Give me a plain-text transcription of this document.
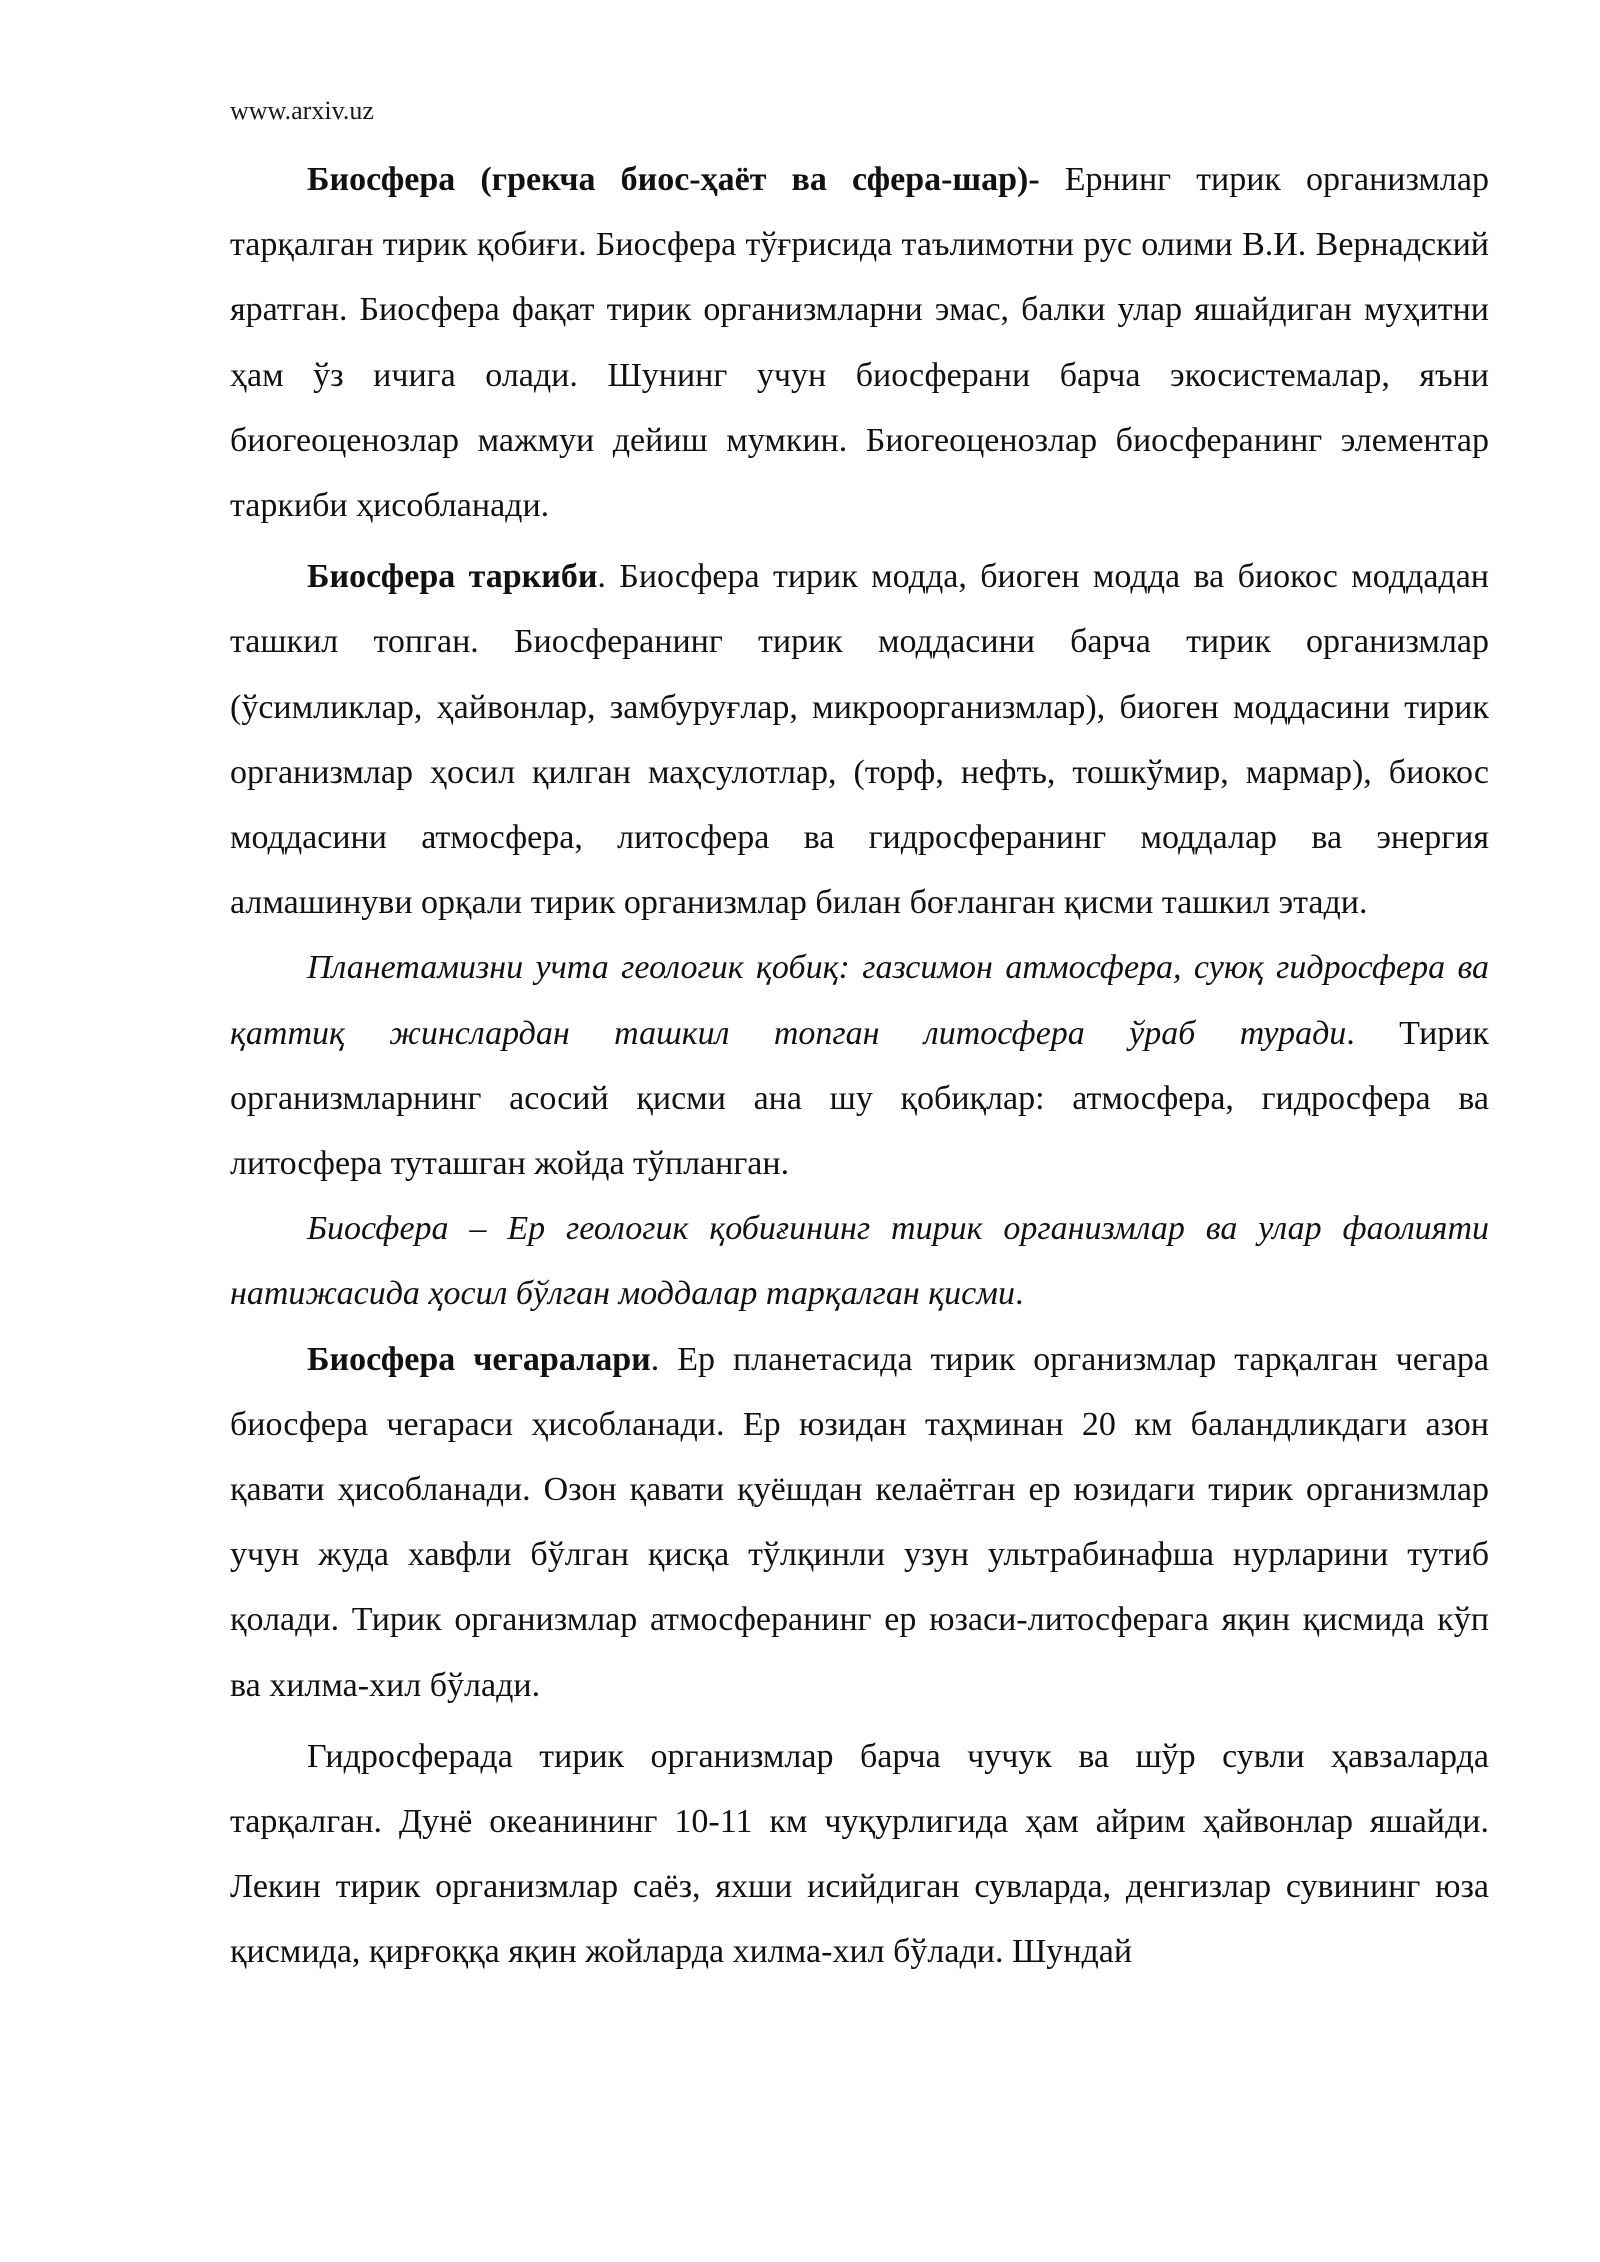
www.arxiv.uz

Биосфера (грекча биос-ҳаёт ва сфера-шар)- Ернинг тирик организмлар тарқалган тирик қобиғи. Биосфера тўғрисида таълимотни рус олими В.И. Вернадский яратган. Биосфера фақат тирик организмларни эмас, балки улар яшайдиган муҳитни ҳам ўз ичига олади. Шунинг учун биосферани барча экосистемалар, яъни биогеоценозлар мажмуи дейиш мумкин. Биогеоценозлар биосферанинг элементар таркиби ҳисобланади.

Биосфера таркиби. Биосфера тирик модда, биоген модда ва биокос моддадан ташкил топган. Биосферанинг тирик моддасини барча тирик организмлар (ўсимликлар, ҳайвонлар, замбуруғлар, микроорганизмлар), биоген моддасини тирик организмлар ҳосил қилган маҳсулотлар, (торф, нефть, тошкўмир, мармар), биокос моддасини атмосфера, литосфера ва гидросферанинг моддалар ва энергия алмашинуви орқали тирик организмлар билан боғланган қисми ташкил этади.

Планетамизни учта геологик қобиқ: газсимон атмосфера, суюқ гидросфера ва қаттиқ жинслардан ташкил топган литосфера ўраб туради. Тирик организмларнинг асосий қисми ана шу қобиқлар: атмосфера, гидросфера ва литосфера туташган жойда тўпланган.

Биосфера – Ер геологик қобиғининг тирик организмлар ва улар фаолияти натижасида ҳосил бўлган моддалар тарқалган қисми.

Биосфера чегаралари. Ер планетасида тирик организмлар тарқалган чегара биосфера чегараси ҳисобланади. Ер юзидан таҳминан 20 км баландликдаги азон қавати ҳисобланади. Озон қавати қуёшдан келаётган ер юзидаги тирик организмлар учун жуда хавфли бўлган қисқа тўлқинли узун ультрабинафша нурларини тутиб қолади. Тирик организмлар атмосферанинг ер юзаси-литосферага яқин қисмида кўп ва хилма-хил бўлади.

Гидросферада тирик организмлар барча чучук ва шўр сувли ҳавзаларда тарқалган. Дунё океанининг 10-11 км чуқурлигида ҳам айрим ҳайвонлар яшайди. Лекин тирик организмлар саёз, яхши исийдиган сувларда, денгизлар сувининг юза қисмида, қирғоққа яқин жойларда хилма-хил бўлади. Шундай
